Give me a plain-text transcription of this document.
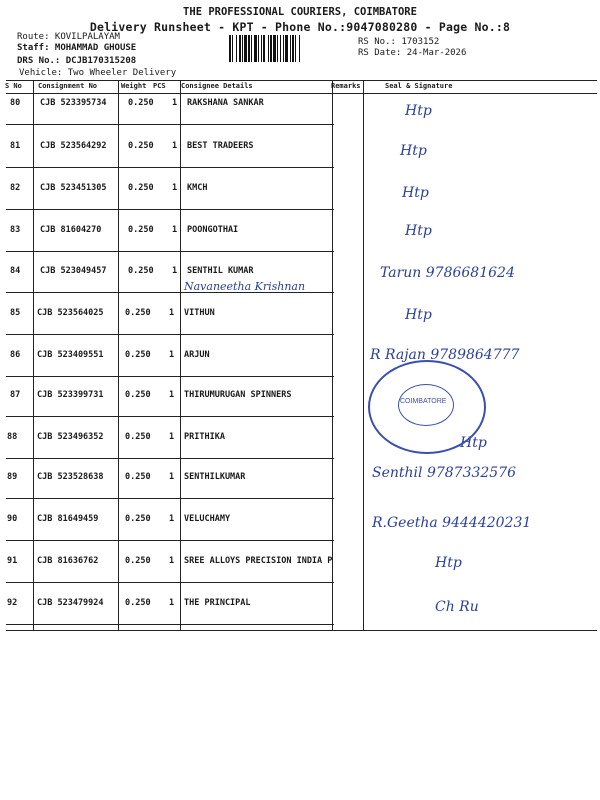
THE PROFESSIONAL COURIERS, COIMBATORE
Delivery Runsheet - KPT - Phone No.:9047080280 - Page No.:8
Route: KOVILPALAYAM
Staff: MOHAMMAD GHOUSE
DRS No.: DCJB170315208
Vehicle: Two Wheeler Delivery
RS No.: 1703152
RS Date: 24-Mar-2026
S No Consignment No	Weight PCS Consignee Details	Remarks	Seal & Signature
80 CJB 523395734	0.250 1 RAKSHANA SANKAR	Htp
81 CJB 523564292	0.250 1 BEST TRADEERS	Htp
82 CJB 523451305	0.250 1 KMCH	Htp
83 CJB 81604270	0.250 1 POONGOTHAI	Htp
84 CJB 523049457	0.250 1 SENTHIL KUMAR	Tarun 9786681624
85 CJB 523564025	0.250 1 VITHUN	Htp
86 CJB 523409551	0.250 1 ARJUN	R Rajan 9789864777
87 CJB 523399731	0.250 1 THIRUMURUGAN SPINNERS
88 CJB 523496352	0.250 1 PRITHIKA	Htp
89 CJB 523528638	0.250 1 SENTHILKUMAR	Senthil 9787332576
90 CJB 81649459	0.250 1 VELUCHAMY	R.Geetha 9444420231
91 CJB 81636762	0.250 1 SREE ALLOYS PRECISION INDIA P	Htp
92 CJB 523479924	0.250 1 THE PRINCIPAL	Ch Ru
Navaneetha Krishnan
COIMBATORE
